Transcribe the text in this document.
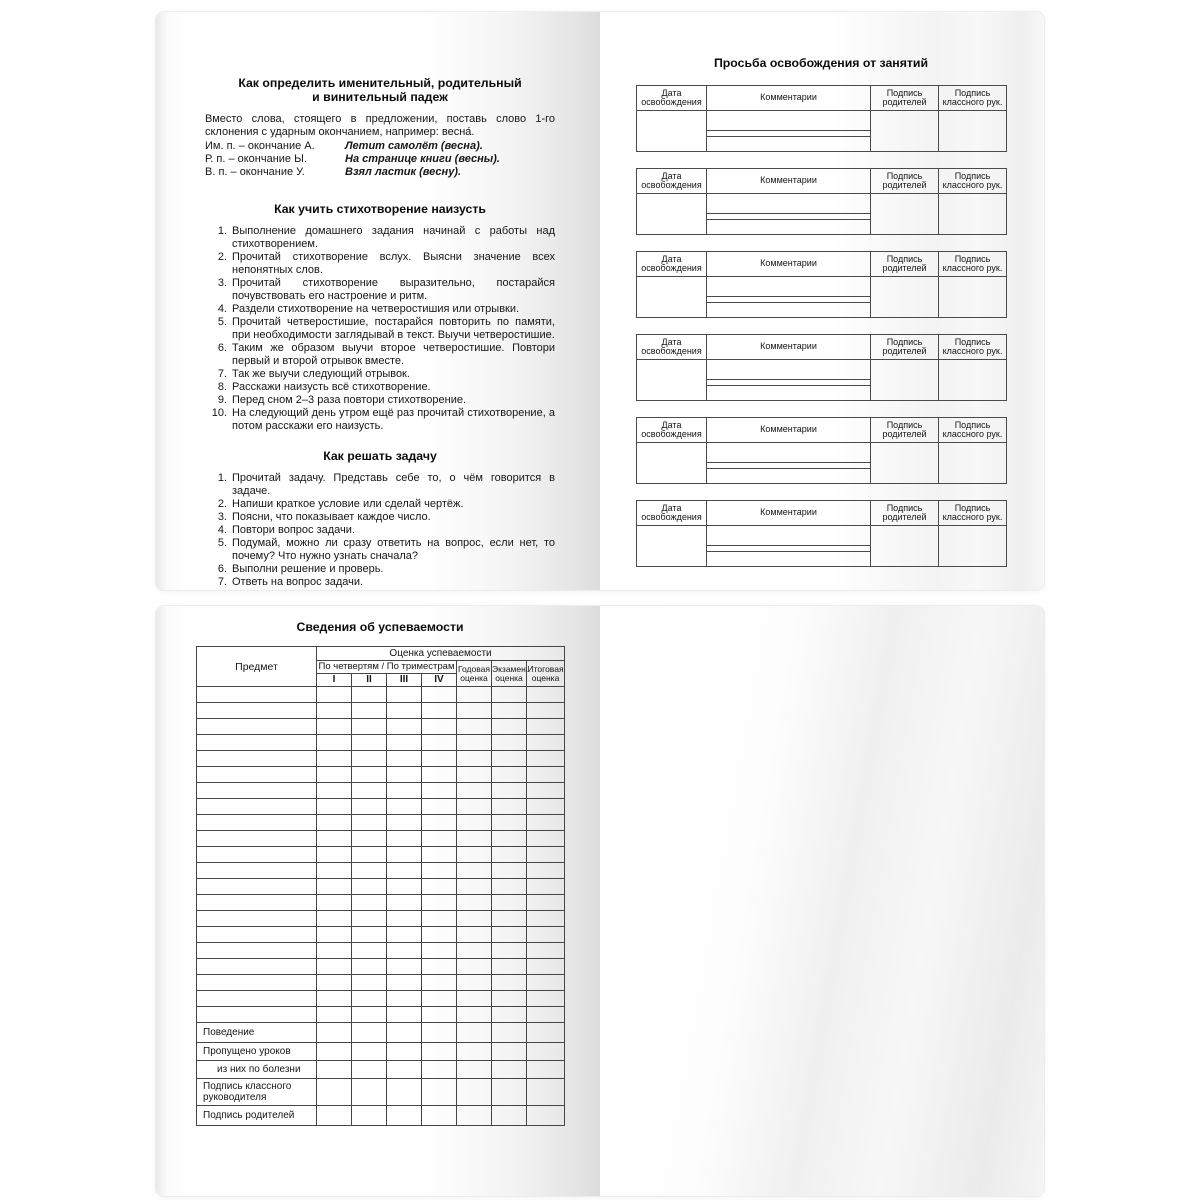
Как определить именительный, родительный
и винительный падеж

Вместо слова, стоящего в предложении, поставь слово 1-го склонения с ударным окончанием, например: весна́.

Им. п. – окончание А.	Летит самолёт (весна).
Р. п. – окончание Ы.	На странице книги (весны).
В. п. – окончание У.	Взял ластик (весну).
Как учить стихотворение наизусть
1. Выполнение домашнего задания начинай с работы над стихотворением.
2. Прочитай стихотворение вслух. Выясни значение всех непонятных слов.
3. Прочитай стихотворение выразительно, постарайся почувствовать его настроение и ритм.
4. Раздели стихотворение на четверостишия или отрывки.
5. Прочитай четверостишие, постарайся повторить по памяти, при необходимости заглядывай в текст. Выучи четверостишие.
6. Таким же образом выучи второе четверостишие. Повтори первый и второй отрывок вместе.
7. Так же выучи следующий отрывок.
8. Расскажи наизусть всё стихотворение.
9. Перед сном 2–3 раза повтори стихотворение.
10. На следующий день утром ещё раз прочитай стихотворение, а потом расскажи его наизусть.
Как решать задачу
1. Прочитай задачу. Представь себе то, о чём говорится в задаче.
2. Напиши краткое условие или сделай чертёж.
3. Поясни, что показывает каждое число.
4. Повтори вопрос задачи.
5. Подумай, можно ли сразу ответить на вопрос, если нет, то почему? Что нужно узнать сначала?
6. Выполни решение и проверь.
7. Ответь на вопрос задачи.
Просьба освобождения от занятий
Дата освобождения	Комментарии	Подпись родителей	Подпись классного рук.

Дата освобождения	Комментарии	Подпись родителей	Подпись классного рук.

Дата освобождения	Комментарии	Подпись родителей	Подпись классного рук.

Дата освобождения	Комментарии	Подпись родителей	Подпись классного рук.

Дата освобождения	Комментарии	Подпись родителей	Подпись классного рук.

Дата освобождения	Комментарии	Подпись родителей	Подпись классного рук.

Сведения об успеваемости
Предмет	Оценка успеваемости						
	По четвертям / По триместрам				Годовая оценка	Экзамен. оценка	Итоговая оценка
	I	II	III	IV			

Поведение							
Пропущено уроков							
из них по болезни							
Подпись классного руководителя							
Подпись родителей							
